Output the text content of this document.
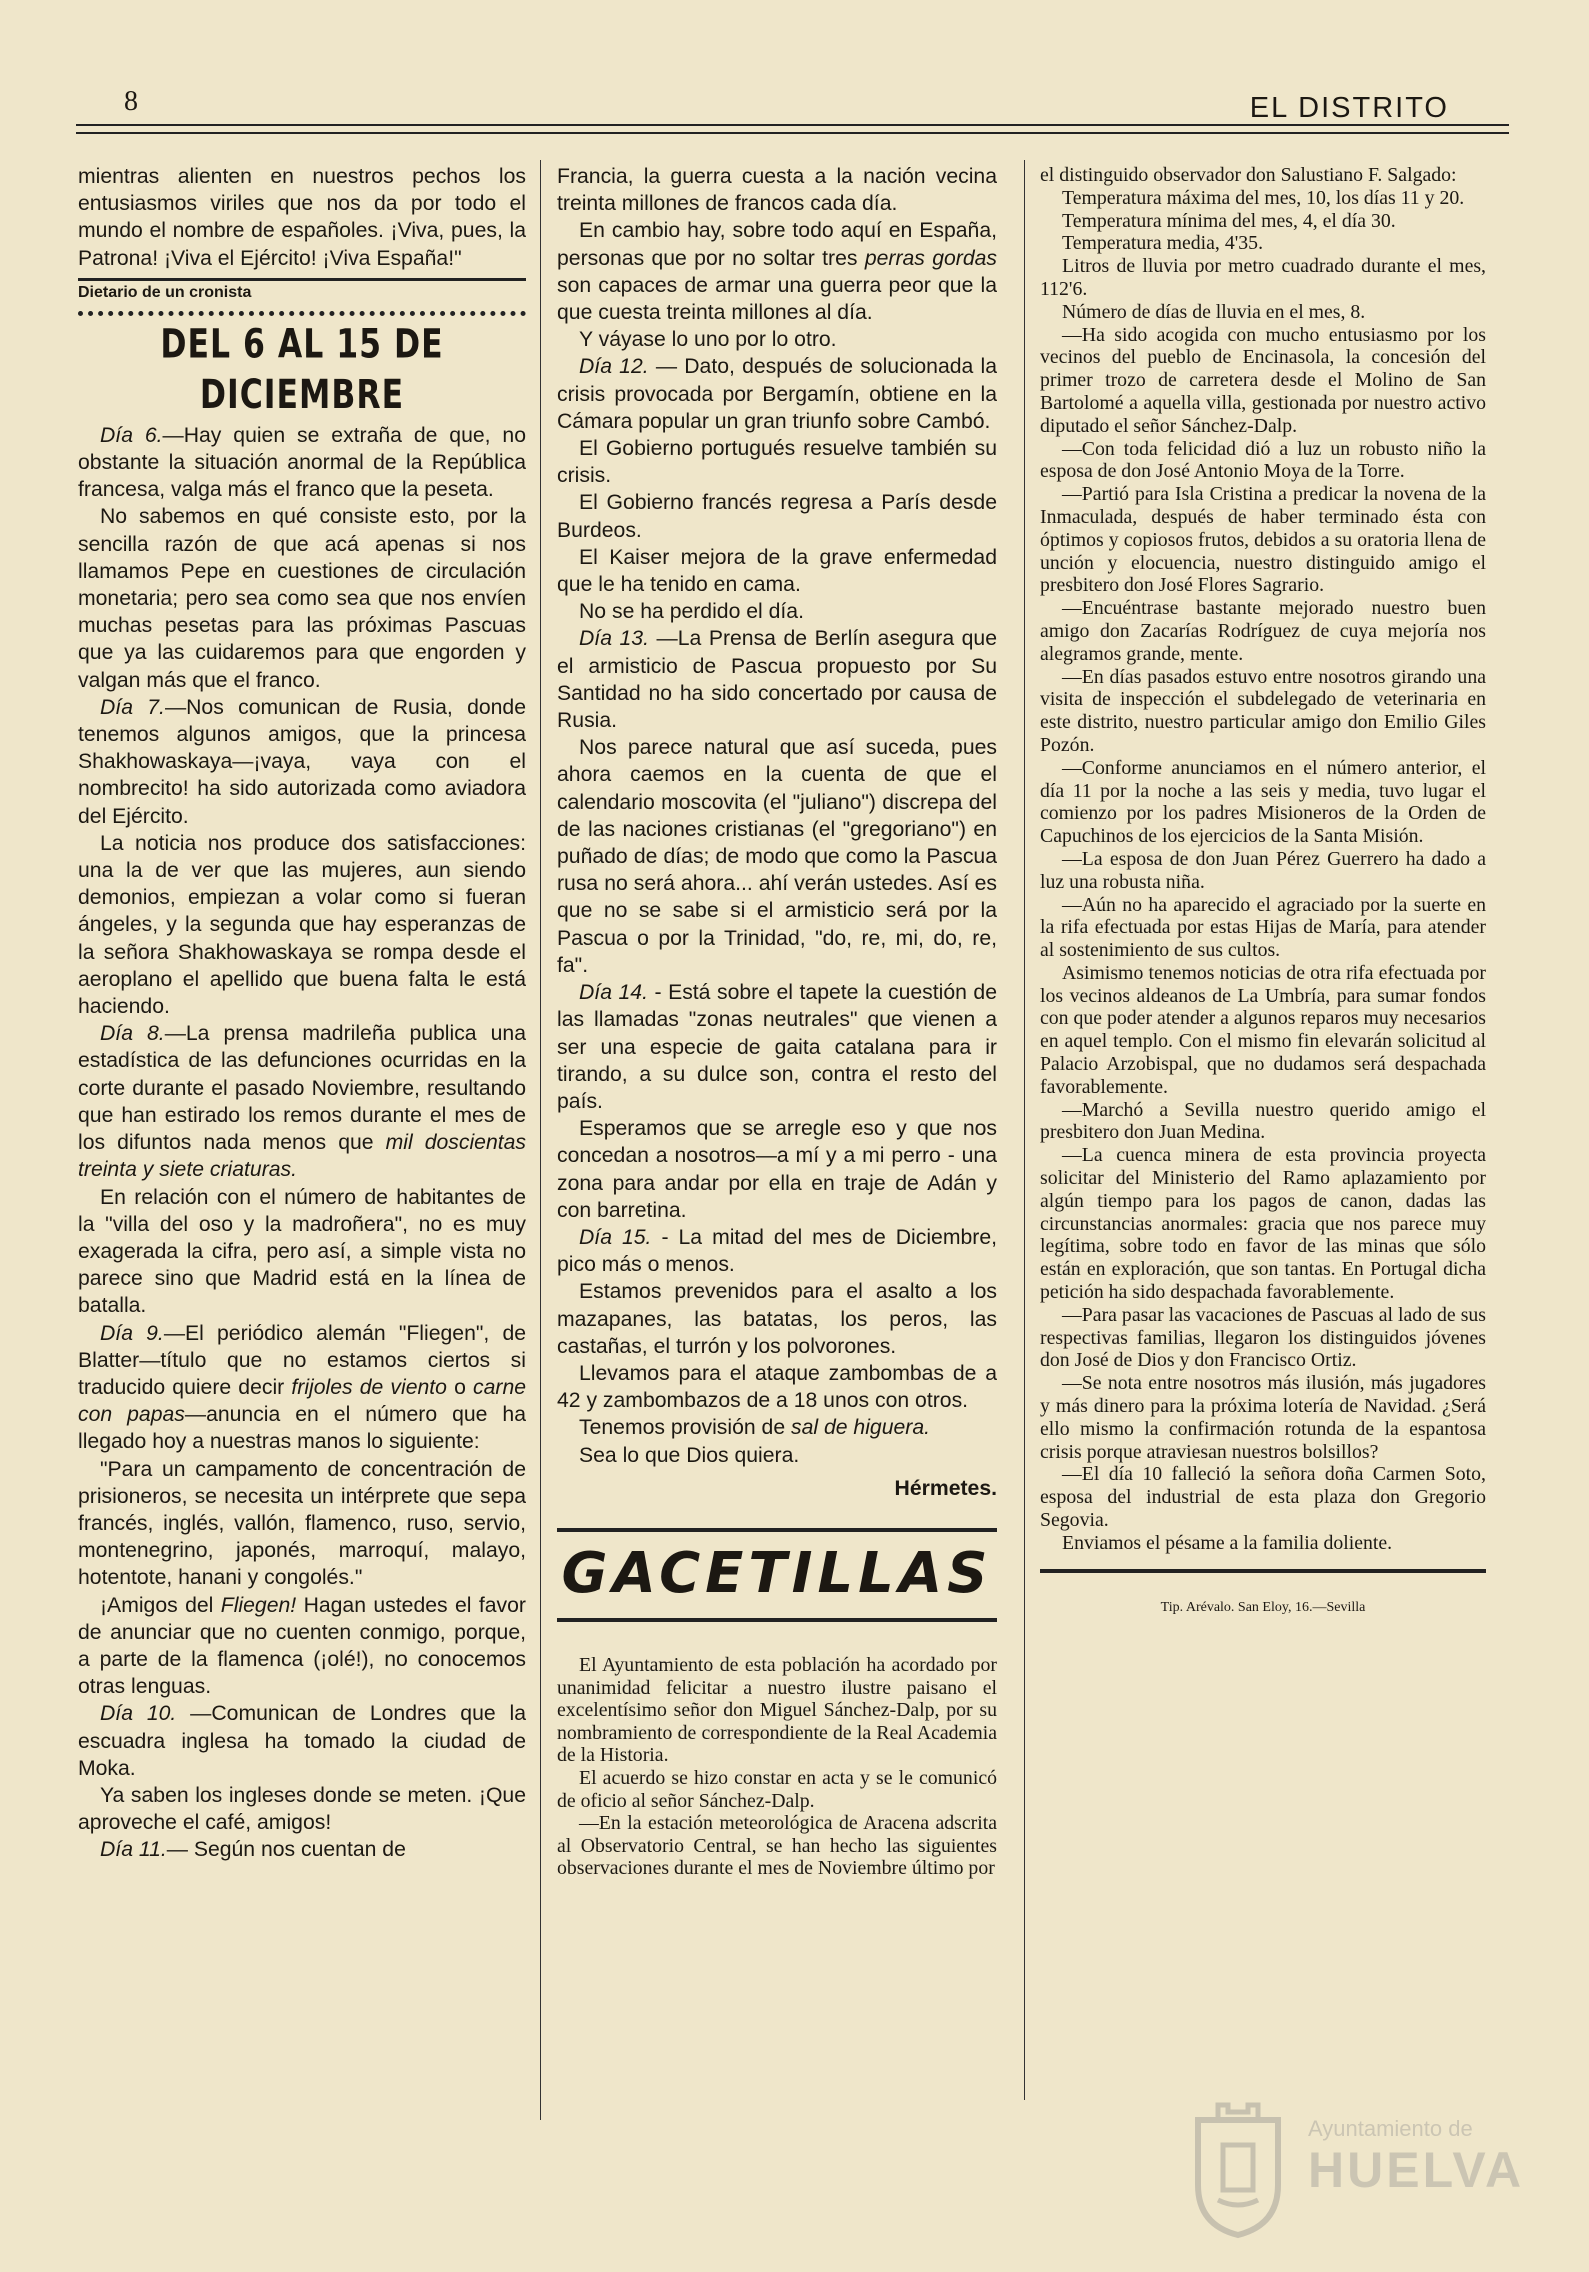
8	EL DISTRITO

mientras alienten en nuestros pechos los entusiasmos viriles que nos da por todo el mundo el nombre de españoles. ¡Viva, pues, la Patrona! ¡Viva el Ejército! ¡Viva España!"

Dietario de un cronista
DEL 6 AL 15 DE DICIEMBRE

Día 6.—Hay quien se extraña de que, no obstante la situación anormal de la República francesa, valga más el franco que la peseta.

No sabemos en qué consiste esto, por la sencilla razón de que acá apenas si nos llamamos Pepe en cuestiones de circulación monetaria; pero sea como sea que nos envíen muchas pesetas para las próximas Pascuas que ya las cuidaremos para que engorden y valgan más que el franco.

Día 7.—Nos comunican de Rusia, donde tenemos algunos amigos, que la princesa Shakhowaskaya—¡vaya, vaya con el nombrecito! ha sido autorizada como aviadora del Ejército.

La noticia nos produce dos satisfacciones: una la de ver que las mujeres, aun siendo demonios, empiezan a volar como si fueran ángeles, y la segunda que hay esperanzas de la señora Shakhowaskaya se rompa desde el aeroplano el apellido que buena falta le está haciendo.

Día 8.—La prensa madrileña publica una estadística de las defunciones ocurridas en la corte durante el pasado Noviembre, resultando que han estirado los remos durante el mes de los difuntos nada menos que mil doscientas treinta y siete criaturas.

En relación con el número de habitantes de la "villa del oso y la madroñera", no es muy exagerada la cifra, pero así, a simple vista no parece sino que Madrid está en la línea de batalla.

Día 9.—El periódico alemán "Fliegen", de Blatter—título que no estamos ciertos si traducido quiere decir frijoles de viento o carne con papas—anuncia en el número que ha llegado hoy a nuestras manos lo siguiente:

"Para un campamento de concentración de prisioneros, se necesita un intérprete que sepa francés, inglés, vallón, flamenco, ruso, servio, montenegrino, japonés, marroquí, malayo, hotentote, hanani y congolés."

¡Amigos del Fliegen! Hagan ustedes el favor de anunciar que no cuenten conmigo, porque, a parte de la flamenca (¡olé!), no conocemos otras lenguas.

Día 10. —Comunican de Londres que la escuadra inglesa ha tomado la ciudad de Moka.

Ya saben los ingleses donde se meten. ¡Que aproveche el café, amigos!

Día 11.— Según nos cuentan de

Francia, la guerra cuesta a la nación vecina treinta millones de francos cada día.

En cambio hay, sobre todo aquí en España, personas que por no soltar tres perras gordas son capaces de armar una guerra peor que la que cuesta treinta millones al día.

Y váyase lo uno por lo otro.

Día 12. — Dato, después de solucionada la crisis provocada por Bergamín, obtiene en la Cámara popular un gran triunfo sobre Cambó.

El Gobierno portugués resuelve también su crisis.

El Gobierno francés regresa a París desde Burdeos.

El Kaiser mejora de la grave enfermedad que le ha tenido en cama.

No se ha perdido el día.

Día 13. —La Prensa de Berlín asegura que el armisticio de Pascua propuesto por Su Santidad no ha sido concertado por causa de Rusia.

Nos parece natural que así suceda, pues ahora caemos en la cuenta de que el calendario moscovita (el "juliano") discrepa del de las naciones cristianas (el "gregoriano") en puñado de días; de modo que como la Pascua rusa no será ahora... ahí verán ustedes. Así es que no se sabe si el armisticio será por la Pascua o por la Trinidad, "do, re, mi, do, re, fa".

Día 14. - Está sobre el tapete la cuestión de las llamadas "zonas neutrales" que vienen a ser una especie de gaita catalana para ir tirando, a su dulce son, contra el resto del país.

Esperamos que se arregle eso y que nos concedan a nosotros—a mí y a mi perro - una zona para andar por ella en traje de Adán y con barretina.

Día 15. - La mitad del mes de Diciembre, pico más o menos.

Estamos prevenidos para el asalto a los mazapanes, las batatas, los peros, las castañas, el turrón y los polvorones.

Llevamos para el ataque zambombas de a 42 y zambombazos de a 18 unos con otros.

Tenemos provisión de sal de higuera.

Sea lo que Dios quiera.

Hérmetes.

GACETILLAS

El Ayuntamiento de esta población ha acordado por unanimidad felicitar a nuestro ilustre paisano el excelentísimo señor don Miguel Sánchez-Dalp, por su nombramiento de correspondiente de la Real Academia de la Historia.

El acuerdo se hizo constar en acta y se le comunicó de oficio al señor Sánchez-Dalp.

—En la estación meteorológica de Aracena adscrita al Observatorio Central, se han hecho las siguientes observaciones durante el mes de Noviembre último por

el distinguido observador don Salustiano F. Salgado:

Temperatura máxima del mes, 10, los días 11 y 20.

Temperatura mínima del mes, 4, el día 30.

Temperatura media, 4'35.

Litros de lluvia por metro cuadrado durante el mes, 112'6.

Número de días de lluvia en el mes, 8.

—Ha sido acogida con mucho entusiasmo por los vecinos del pueblo de Encinasola, la concesión del primer trozo de carretera desde el Molino de San Bartolomé a aquella villa, gestionada por nuestro activo diputado el señor Sánchez-Dalp.

—Con toda felicidad dió a luz un robusto niño la esposa de don José Antonio Moya de la Torre.

—Partió para Isla Cristina a predicar la novena de la Inmaculada, después de haber terminado ésta con óptimos y copiosos frutos, debidos a su oratoria llena de unción y elocuencia, nuestro distinguido amigo el presbitero don José Flores Sagrario.

—Encuéntrase bastante mejorado nuestro buen amigo don Zacarías Rodríguez de cuya mejoría nos alegramos grande, mente.

—En días pasados estuvo entre nosotros girando una visita de inspección el subdelegado de veterinaria en este distrito, nuestro particular amigo don Emilio Giles Pozón.

—Conforme anunciamos en el número anterior, el día 11 por la noche a las seis y media, tuvo lugar el comienzo por los padres Misioneros de la Orden de Capuchinos de los ejercicios de la Santa Misión.

—La esposa de don Juan Pérez Guerrero ha dado a luz una robusta niña.

—Aún no ha aparecido el agraciado por la suerte en la rifa efectuada por estas Hijas de María, para atender al sostenimiento de sus cultos.

Asimismo tenemos noticias de otra rifa efectuada por los vecinos aldeanos de La Umbría, para sumar fondos con que poder atender a algunos reparos muy necesarios en aquel templo. Con el mismo fin elevarán solicitud al Palacio Arzobispal, que no dudamos será despachada favorablemente.

—Marchó a Sevilla nuestro querido amigo el presbitero don Juan Medina.

—La cuenca minera de esta provincia proyecta solicitar del Ministerio del Ramo aplazamiento por algún tiempo para los pagos de canon, dadas las circunstancias anormales: gracia que nos parece muy legítima, sobre todo en favor de las minas que sólo están en exploración, que son tantas. En Portugal dicha petición ha sido despachada favorablemente.

—Para pasar las vacaciones de Pascuas al lado de sus respectivas familias, llegaron los distinguidos jóvenes don José de Dios y don Francisco Ortiz.

—Se nota entre nosotros más ilusión, más jugadores y más dinero para la próxima lotería de Navidad. ¿Será ello mismo la confirmación rotunda de la espantosa crisis porque atraviesan nuestros bolsillos?

—El día 10 falleció la señora doña Carmen Soto, esposa del industrial de esta plaza don Gregorio Segovia.

Enviamos el pésame a la familia doliente.

Tip. Arévalo. San Eloy, 16.—Sevilla

Ayuntamiento de
HUELVA
